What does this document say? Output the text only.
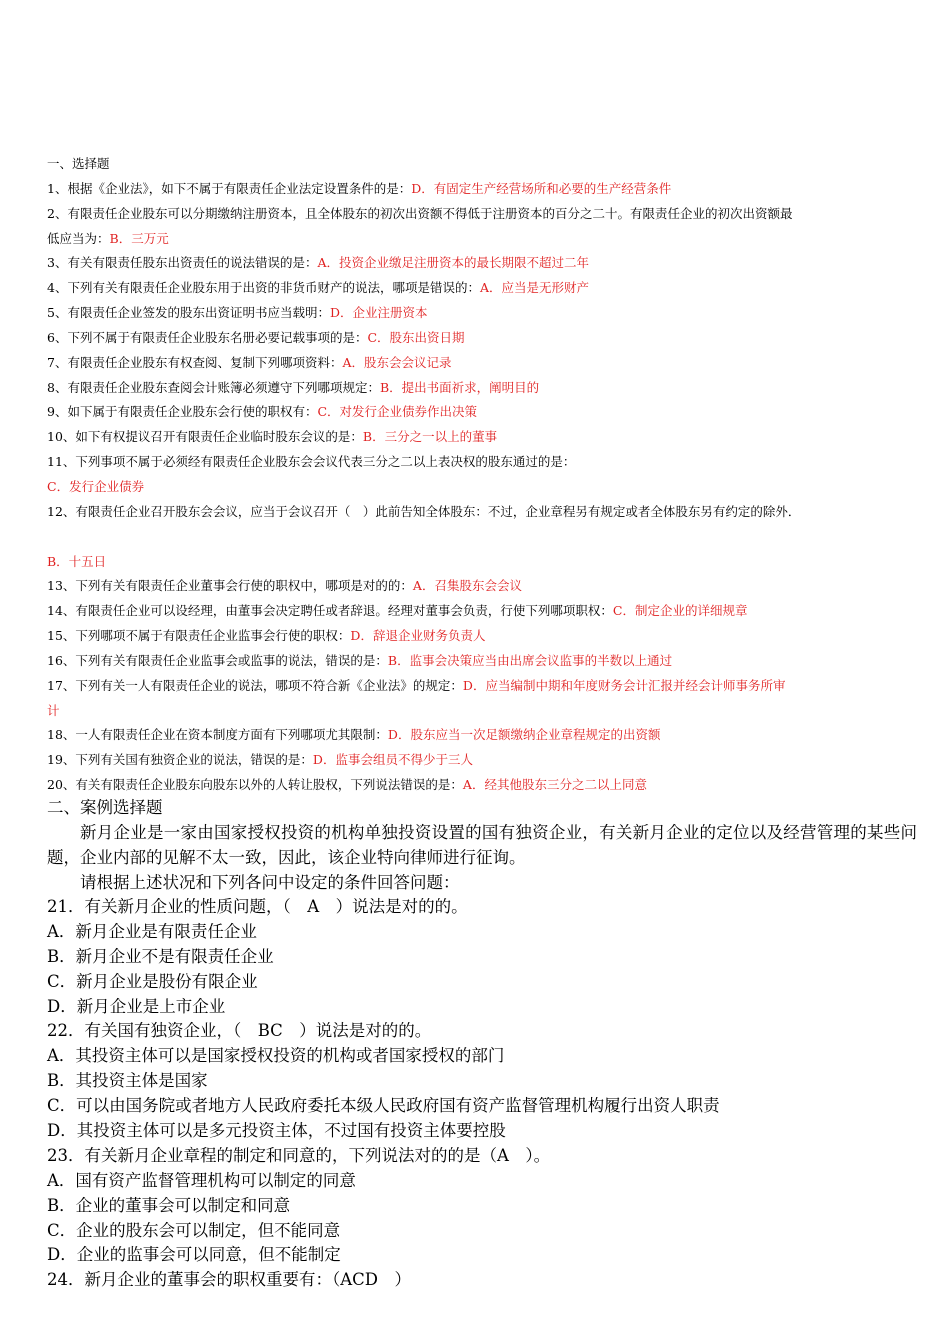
一、选择题
1、根据《企业法》，如下不属于有限责任企业法定设置条件的是：D．有固定生产经营场所和必要的生产经营条件
2、有限责任企业股东可以分期缴纳注册资本，且全体股东的初次出资额不得低于注册资本的百分之二十。有限责任企业的初次出资额最
低应当为：B．三万元
3、有关有限责任股东出资责任的说法错误的是：A．投资企业缴足注册资本的最长期限不超过二年
4、下列有关有限责任企业股东用于出资的非货币财产的说法，哪项是错误的：A．应当是无形财产
5、有限责任企业签发的股东出资证明书应当载明：D．企业注册资本
6、下列不属于有限责任企业股东名册必要记载事项的是：C．股东出资日期
7、有限责任企业股东有权查阅、复制下列哪项资料：A．股东会会议记录
8、有限责任企业股东查阅会计账簿必须遵守下列哪项规定：B．提出书面祈求，阐明目的
9、如下属于有限责任企业股东会行使的职权有：C．对发行企业债券作出决策
10、如下有权提议召开有限责任企业临时股东会议的是：B．三分之一以上的董事
11、下列事项不属于必须经有限责任企业股东会会议代表三分之二以上表决权的股东通过的是：
C．发行企业债券
12、有限责任企业召开股东会会议，应当于会议召开（　）此前告知全体股东：不过，企业章程另有规定或者全体股东另有约定的除外．
B．十五日
13、下列有关有限责任企业董事会行使的职权中，哪项是对的的：A．召集股东会会议
14、有限责任企业可以设经理，由董事会决定聘任或者辞退。经理对董事会负责，行使下列哪项职权：C．制定企业的详细规章
15、下列哪项不属于有限责任企业监事会行使的职权：D．辞退企业财务负责人
16、下列有关有限责任企业监事会或监事的说法，错误的是：B．监事会决策应当由出席会议监事的半数以上通过
17、下列有关一人有限责任企业的说法，哪项不符合新《企业法》的规定：D．应当编制中期和年度财务会计汇报并经会计师事务所审
计
18、一人有限责任企业在资本制度方面有下列哪项尤其限制：D．股东应当一次足额缴纳企业章程规定的出资额
19、下列有关国有独资企业的说法，错误的是：D．监事会组员不得少于三人
20、有关有限责任企业股东向股东以外的人转让股权，下列说法错误的是：A．经其他股东三分之二以上同意
二、案例选择题
新月企业是一家由国家授权投资的机构单独投资设置的国有独资企业，有关新月企业的定位以及经营管理的某些问题，企业内部的见解不太一致，因此，该企业特向律师进行征询。
请根据上述状况和下列各问中设定的条件回答问题：
21．有关新月企业的性质问题，（　A　）说法是对的的。
A．新月企业是有限责任企业
B．新月企业不是有限责任企业
C．新月企业是股份有限企业
D．新月企业是上市企业
22．有关国有独资企业，（　BC　）说法是对的的。
A．其投资主体可以是国家授权投资的机构或者国家授权的部门
B．其投资主体是国家
C．可以由国务院或者地方人民政府委托本级人民政府国有资产监督管理机构履行出资人职责
D．其投资主体可以是多元投资主体，不过国有投资主体要控股
23．有关新月企业章程的制定和同意的，下列说法对的的是（A　）。
A．国有资产监督管理机构可以制定的同意
B．企业的董事会可以制定和同意
C．企业的股东会可以制定，但不能同意
D．企业的监事会可以同意，但不能制定
24．新月企业的董事会的职权重要有：（ACD　）
